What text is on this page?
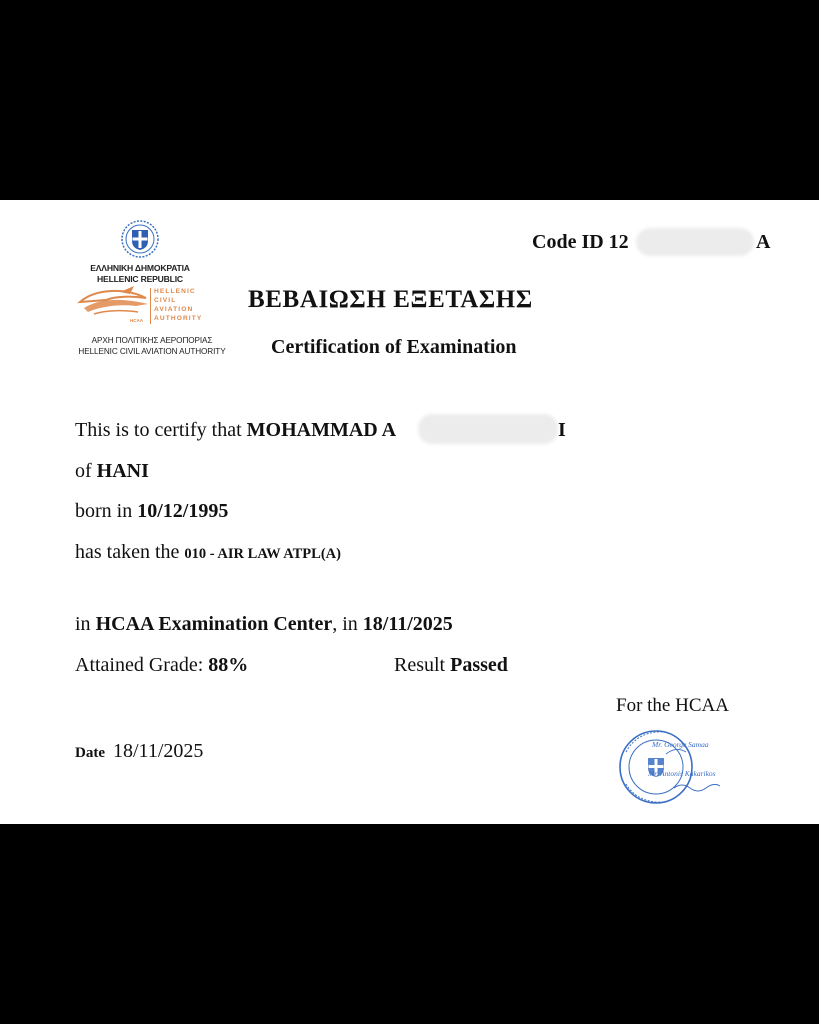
ΕΛΛΗΝΙΚΗ ΔΗΜΟΚΡΑΤΙΑ
HELLENIC REPUBLIC
HELLENIC
CIVIL
AVIATION
AUTHORITY
HCAA
ΑΡΧΗ ΠΟΛΙΤΙΚΗΣ ΑΕΡΟΠΟΡΙΑΣ
HELLENIC CIVIL AVIATION AUTHORITY
Code ID 12	A
ΒΕΒΑΙΩΣΗ ΕΞΕΤΑΣΗΣ
Certification of Examination
This is to certify that MOHAMMAD A	I
of HANI
born in 10/12/1995
has taken the 010 - AIR LAW ATPL(A)
in HCAA Examination Center, in 18/11/2025
Attained Grade: 88%	Result Passed
For the HCAA
Date 18/11/2025	Mr. George Samaa
Mr. Antonis Kakarikos
